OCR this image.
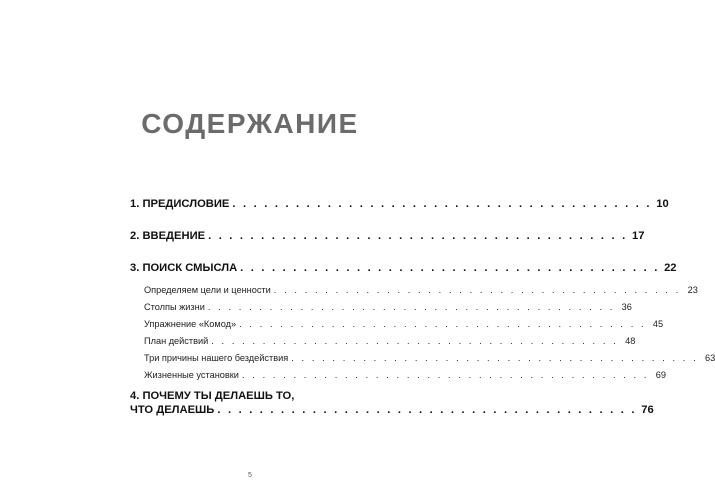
СОДЕРЖАНИЕ
1. ПРЕДИСЛОВИЕ . . . . . . . . . . . . . . . . . . . . . . . . . . . . . . . . . . . . . . . . 10
2. ВВЕДЕНИЕ . . . . . . . . . . . . . . . . . . . . . . . . . . . . . . . . . . . . . . . . 17
3. ПОИСК СМЫСЛА . . . . . . . . . . . . . . . . . . . . . . . . . . . . . . . . . . . . . . . . 22
Определяем цели и ценности . . . . . . . . . . . . . . . . . . . . . . . . . . . . . . . . . . . . . . . . 23
Столпы жизни . . . . . . . . . . . . . . . . . . . . . . . . . . . . . . . . . . . . . . . . 36
Упражнение «Комод» . . . . . . . . . . . . . . . . . . . . . . . . . . . . . . . . . . . . . . . . 45
План действий . . . . . . . . . . . . . . . . . . . . . . . . . . . . . . . . . . . . . . . . 48
Три причины нашего бездействия . . . . . . . . . . . . . . . . . . . . . . . . . . . . . . . . . . . . . . . . 63
Жизненные установки . . . . . . . . . . . . . . . . . . . . . . . . . . . . . . . . . . . . . . . . 69
4. ПОЧЕМУ ТЫ ДЕЛАЕШЬ ТО,
ЧТО ДЕЛАЕШЬ . . . . . . . . . . . . . . . . . . . . . . . . . . . . . . . . . . . . . . . . 76
5
